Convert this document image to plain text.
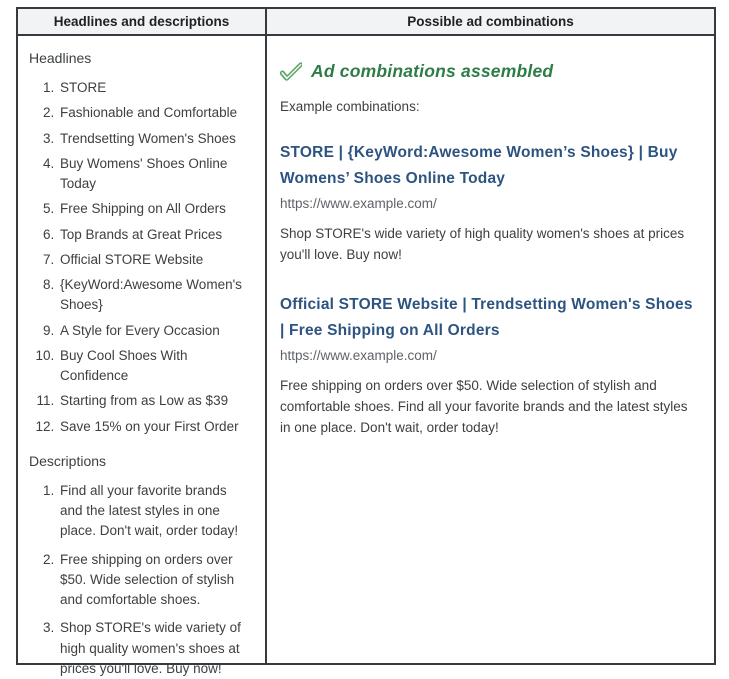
Headlines and descriptions	Possible ad combinations
Headlines
1. STORE
2. Fashionable and Comfortable
3. Trendsetting Women's Shoes
4. Buy Womens' Shoes Online Today
5. Free Shipping on All Orders
6. Top Brands at Great Prices
7. Official STORE Website
8. {KeyWord:Awesome Women's Shoes}
9. A Style for Every Occasion
10. Buy Cool Shoes With Confidence
11. Starting from as Low as $39
12. Save 15% on your First Order
Descriptions
1. Find all your favorite brands and the latest styles in one place. Don't wait, order today!
2. Free shipping on orders over $50. Wide selection of stylish and comfortable shoes.
3. Shop STORE's wide variety of high quality women's shoes at prices you'll love. Buy now!
Ad combinations assembled
Example combinations:
STORE | {KeyWord:Awesome Women’s Shoes} | Buy Womens’ Shoes Online Today
https://www.example.com/
Shop STORE's wide variety of high quality women's shoes at prices you'll love. Buy now!
Official STORE Website | Trendsetting Women's Shoes | Free Shipping on All Orders
https://www.example.com/
Free shipping on orders over $50. Wide selection of stylish and comfortable shoes. Find all your favorite brands and the latest styles in one place. Don't wait, order today!
